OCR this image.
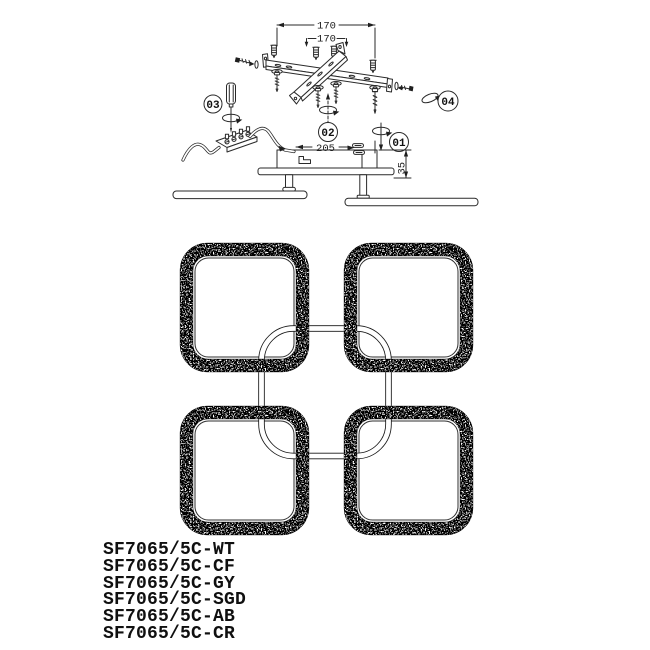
170
170
04
02
03
205	01
35
SF7065/5C-WT
SF7065/5C-CF
SF7065/5C-GY
SF7065/5C-SGD
SF7065/5C-AB
SF7065/5C-CR
